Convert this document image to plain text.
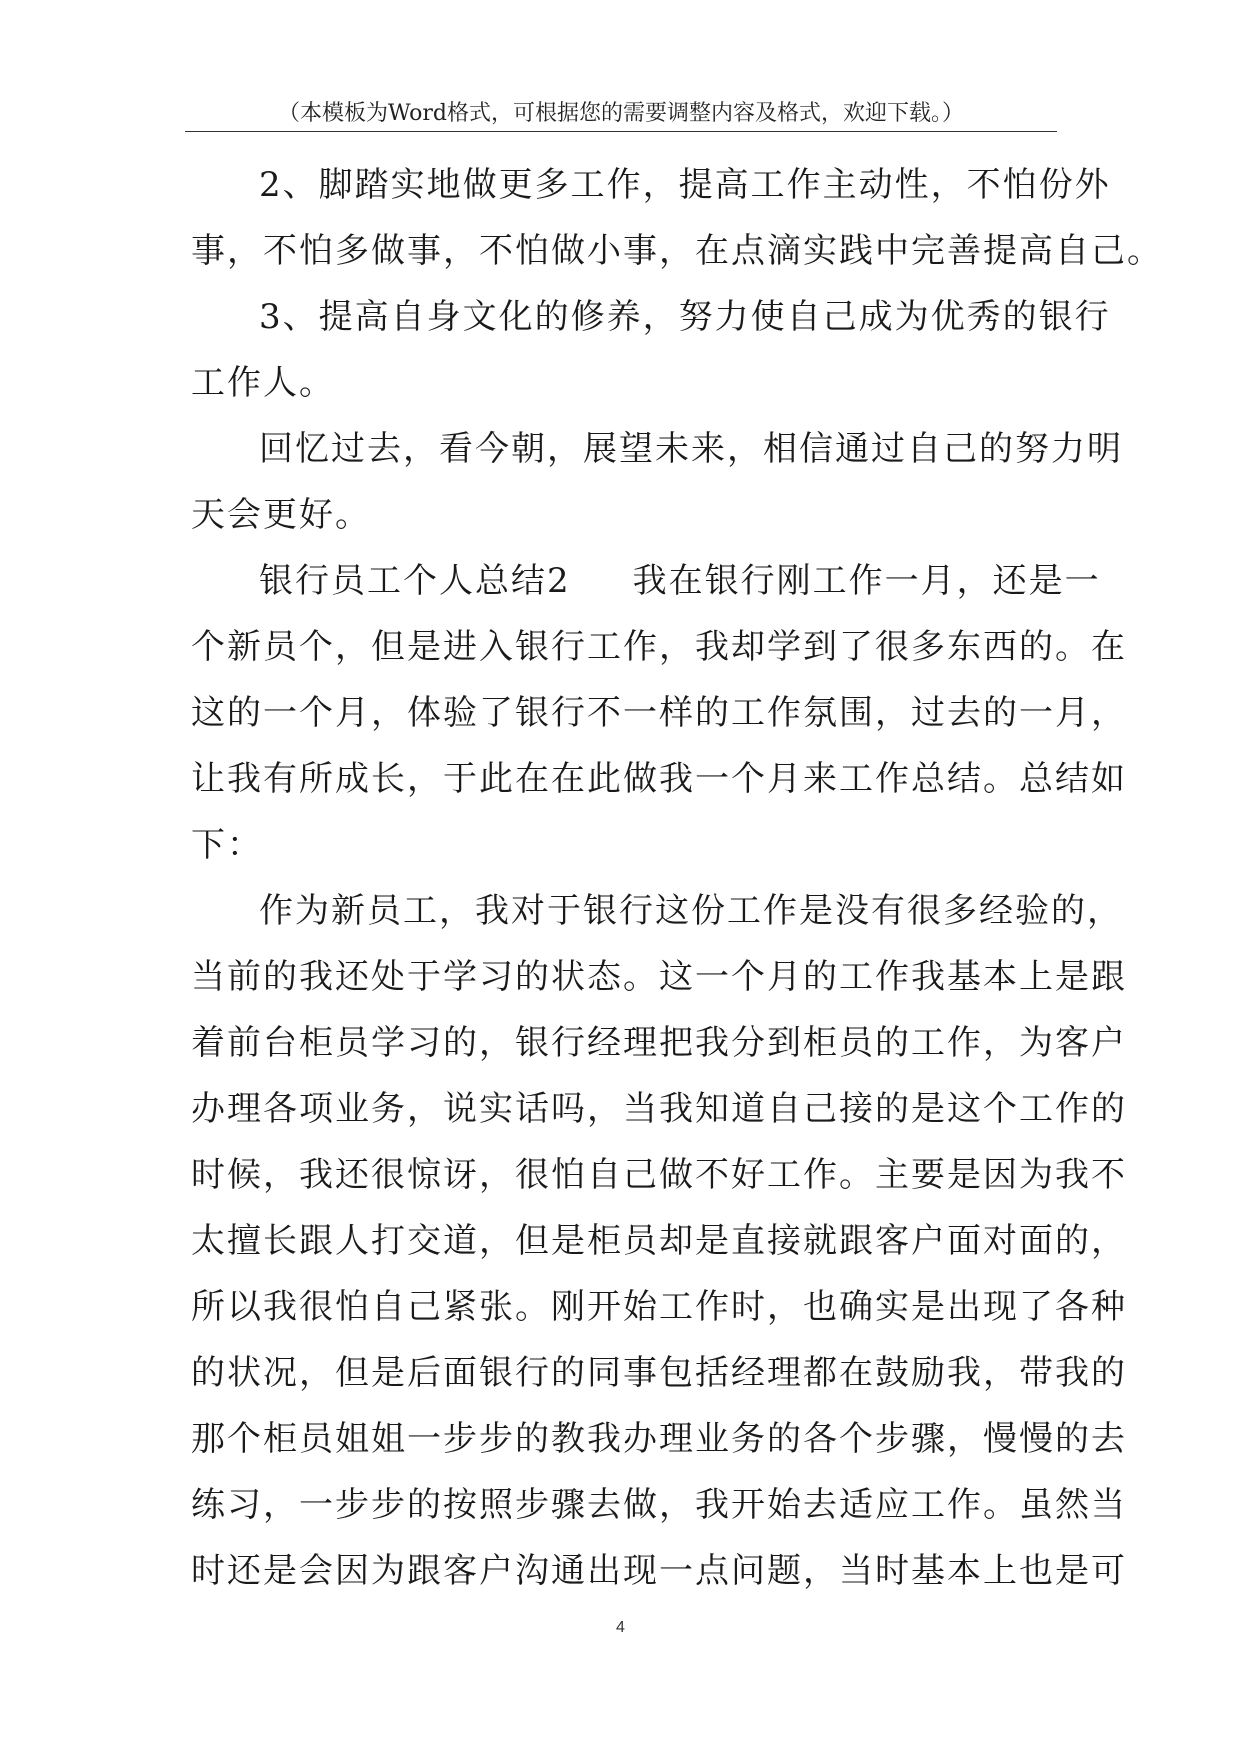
（本模板为Word格式，可根据您的需要调整内容及格式，欢迎下载。）
2、脚踏实地做更多工作，提高工作主动性，不怕份外
事，不怕多做事，不怕做小事，在点滴实践中完善提高自己。
3、提高自身文化的修养，努力使自己成为优秀的银行
工作人。
回忆过去，看今朝，展望未来，相信通过自己的努力明
天会更好。
银行员工个人总结2 我在银行刚工作一月，还是一
个新员个，但是进入银行工作，我却学到了很多东西的。在
这的一个月，体验了银行不一样的工作氛围，过去的一月，
让我有所成长，于此在在此做我一个月来工作总结。总结如
下：
作为新员工，我对于银行这份工作是没有很多经验的，
当前的我还处于学习的状态。这一个月的工作我基本上是跟
着前台柜员学习的，银行经理把我分到柜员的工作，为客户
办理各项业务，说实话吗，当我知道自己接的是这个工作的
时候，我还很惊讶，很怕自己做不好工作。主要是因为我不
太擅长跟人打交道，但是柜员却是直接就跟客户面对面的，
所以我很怕自己紧张。刚开始工作时，也确实是出现了各种
的状况，但是后面银行的同事包括经理都在鼓励我，带我的
那个柜员姐姐一步步的教我办理业务的各个步骤，慢慢的去
练习，一步步的按照步骤去做，我开始去适应工作。虽然当
时还是会因为跟客户沟通出现一点问题，当时基本上也是可
4
